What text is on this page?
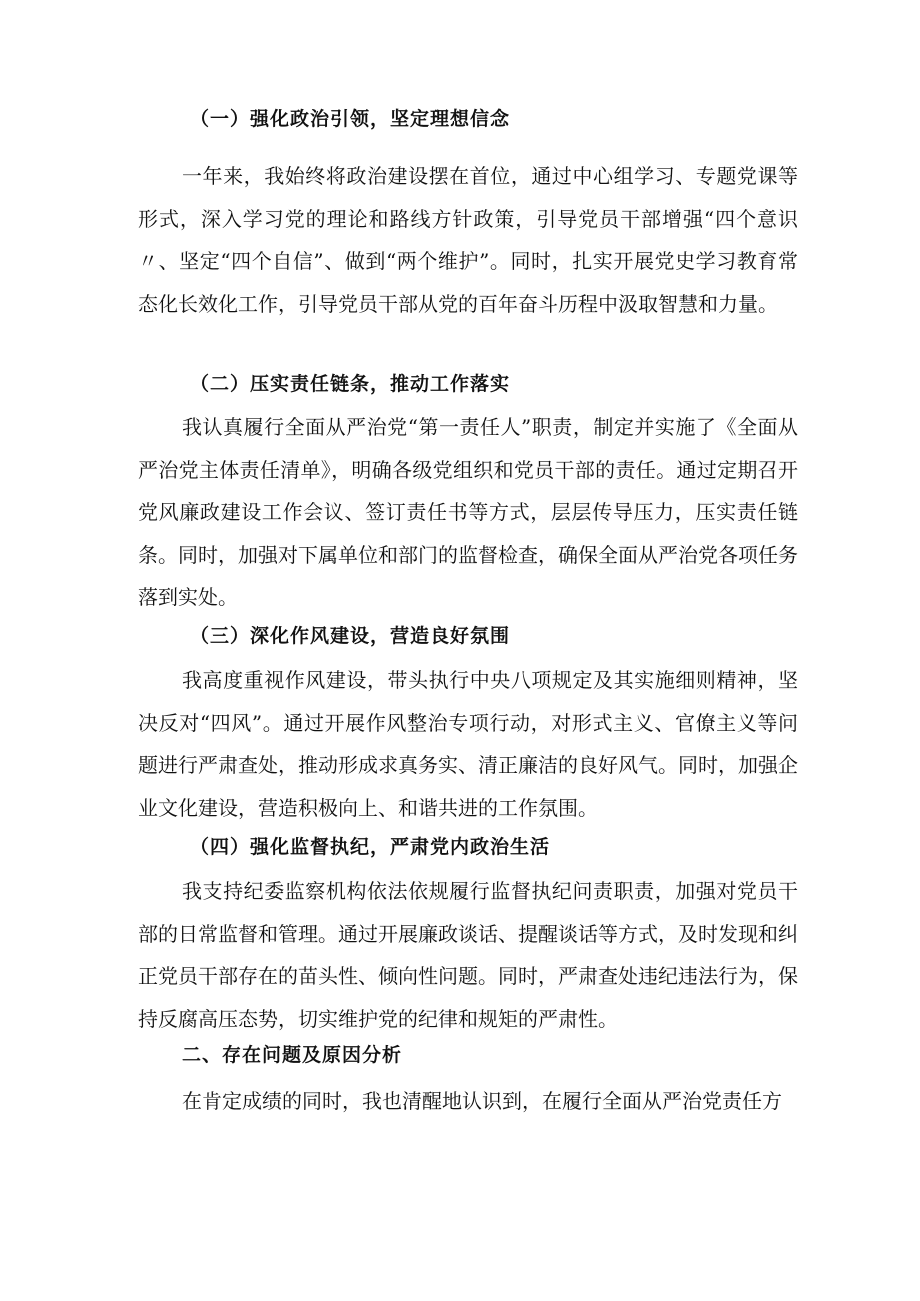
（一）强化政治引领，坚定理想信念

一年来，我始终将政治建设摆在首位，通过中心组学习、专题党课等形式，深入学习党的理论和路线方针政策，引导党员干部增强“四个意识〃、坚定“四个自信”、做到“两个维护”。同时，扎实开展党史学习教育常态化长效化工作，引导党员干部从党的百年奋斗历程中汲取智慧和力量。

（二）压实责任链条，推动工作落实

我认真履行全面从严治党“第一责任人”职责，制定并实施了《全面从严治党主体责任清单》，明确各级党组织和党员干部的责任。通过定期召开党风廉政建设工作会议、签订责任书等方式，层层传导压力，压实责任链条。同时，加强对下属单位和部门的监督检查，确保全面从严治党各项任务落到实处。

（三）深化作风建设，营造良好氛围

我高度重视作风建设，带头执行中央八项规定及其实施细则精神，坚决反对“四风”。通过开展作风整治专项行动，对形式主义、官僚主义等问题进行严肃查处，推动形成求真务实、清正廉洁的良好风气。同时，加强企业文化建设，营造积极向上、和谐共进的工作氛围。

（四）强化监督执纪，严肃党内政治生活

我支持纪委监察机构依法依规履行监督执纪问责职责，加强对党员干部的日常监督和管理。通过开展廉政谈话、提醒谈话等方式，及时发现和纠正党员干部存在的苗头性、倾向性问题。同时，严肃查处违纪违法行为，保持反腐高压态势，切实维护党的纪律和规矩的严肃性。

二、存在问题及原因分析

在肯定成绩的同时，我也清醒地认识到，在履行全面从严治党责任方
